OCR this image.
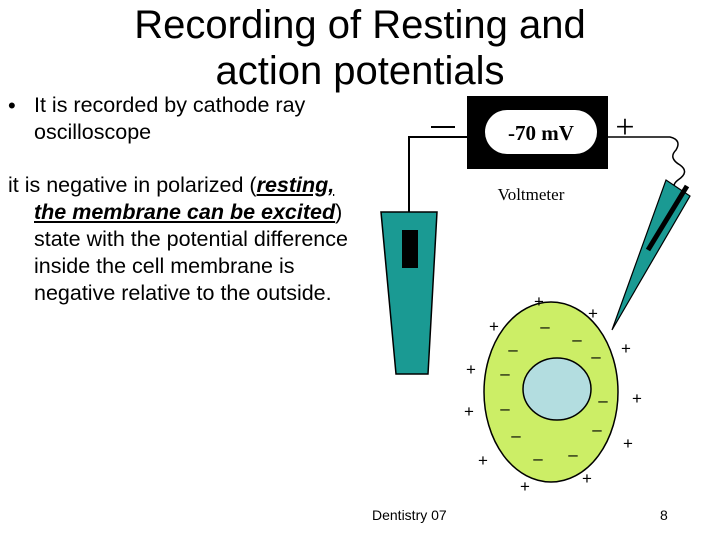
Recording of Resting and
action potentials
• It is recorded by cathode ray oscilloscope
it is negative in polarized (resting, the membrane can be excited) state with the potential difference inside the cell membrane is negative relative to the outside.
-70 mV
Voltmeter
+
+
+
+
+
+
+
+
+
+
+
+
–
–
–	–
–
–
–
–
–
– –
Dentistry 07	8
